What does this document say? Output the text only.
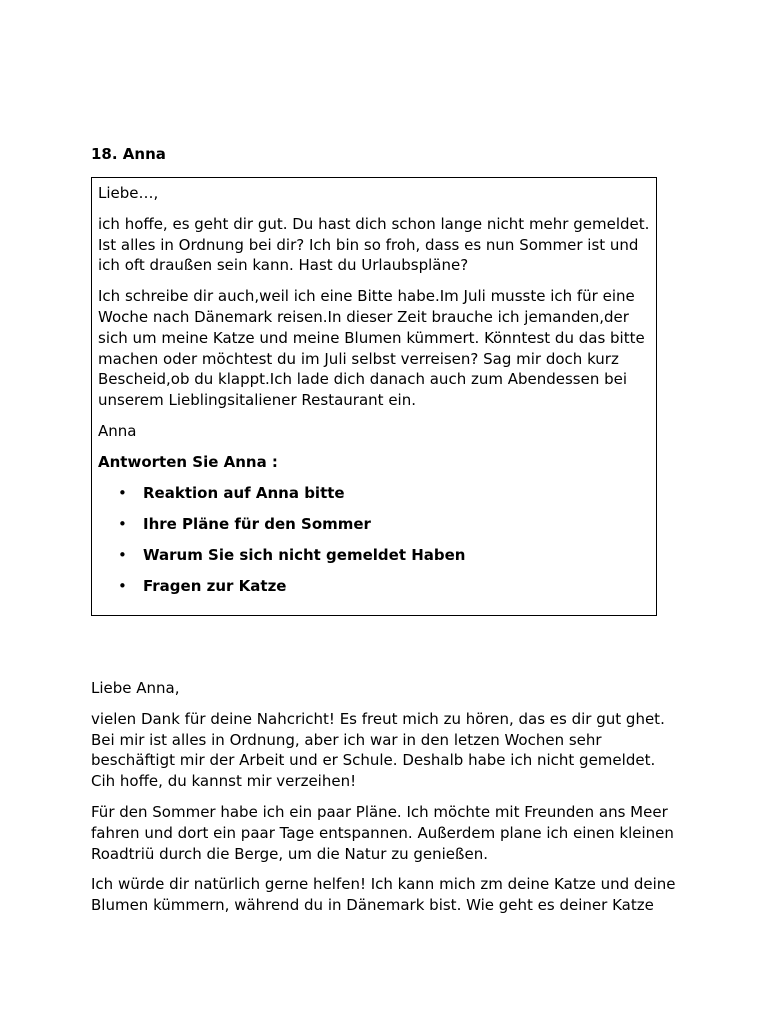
18. Anna

Liebe…,

ich hoffe, es geht dir gut. Du hast dich schon lange nicht mehr gemeldet. Ist alles in Ordnung bei dir? Ich bin so froh, dass es nun Sommer ist und ich oft draußen sein kann. Hast du Urlaubspläne?

Ich schreibe dir auch,weil ich eine Bitte habe.Im Juli musste ich für eine Woche nach Dänemark reisen.In dieser Zeit brauche ich jemanden,der sich um meine Katze und meine Blumen kümmert. Könntest du das bitte machen oder möchtest du im Juli selbst verreisen? Sag mir doch kurz Bescheid,ob du klappt.Ich lade dich danach auch zum Abendessen bei unserem Lieblingsitaliener Restaurant ein.

Anna

Antworten Sie Anna :

• Reaktion auf Anna bitte
• Ihre Pläne für den Sommer
• Warum Sie sich nicht gemeldet Haben
• Fragen zur Katze

Liebe Anna,

vielen Dank für deine Nahcricht! Es freut mich zu hören, das es dir gut ghet. Bei mir ist alles in Ordnung, aber ich war in den letzen Wochen sehr beschäftigt mir der Arbeit und er Schule. Deshalb habe ich nicht gemeldet. Cih hoffe, du kannst mir verzeihen!

Für den Sommer habe ich ein paar Pläne. Ich möchte mit Freunden ans Meer fahren und dort ein paar Tage entspannen. Außerdem plane ich einen kleinen Roadtriü durch die Berge, um die Natur zu genießen.

Ich würde dir natürlich gerne helfen! Ich kann mich zm deine Katze und deine Blumen kümmern, während du in Dänemark bist. Wie geht es deiner Katze
